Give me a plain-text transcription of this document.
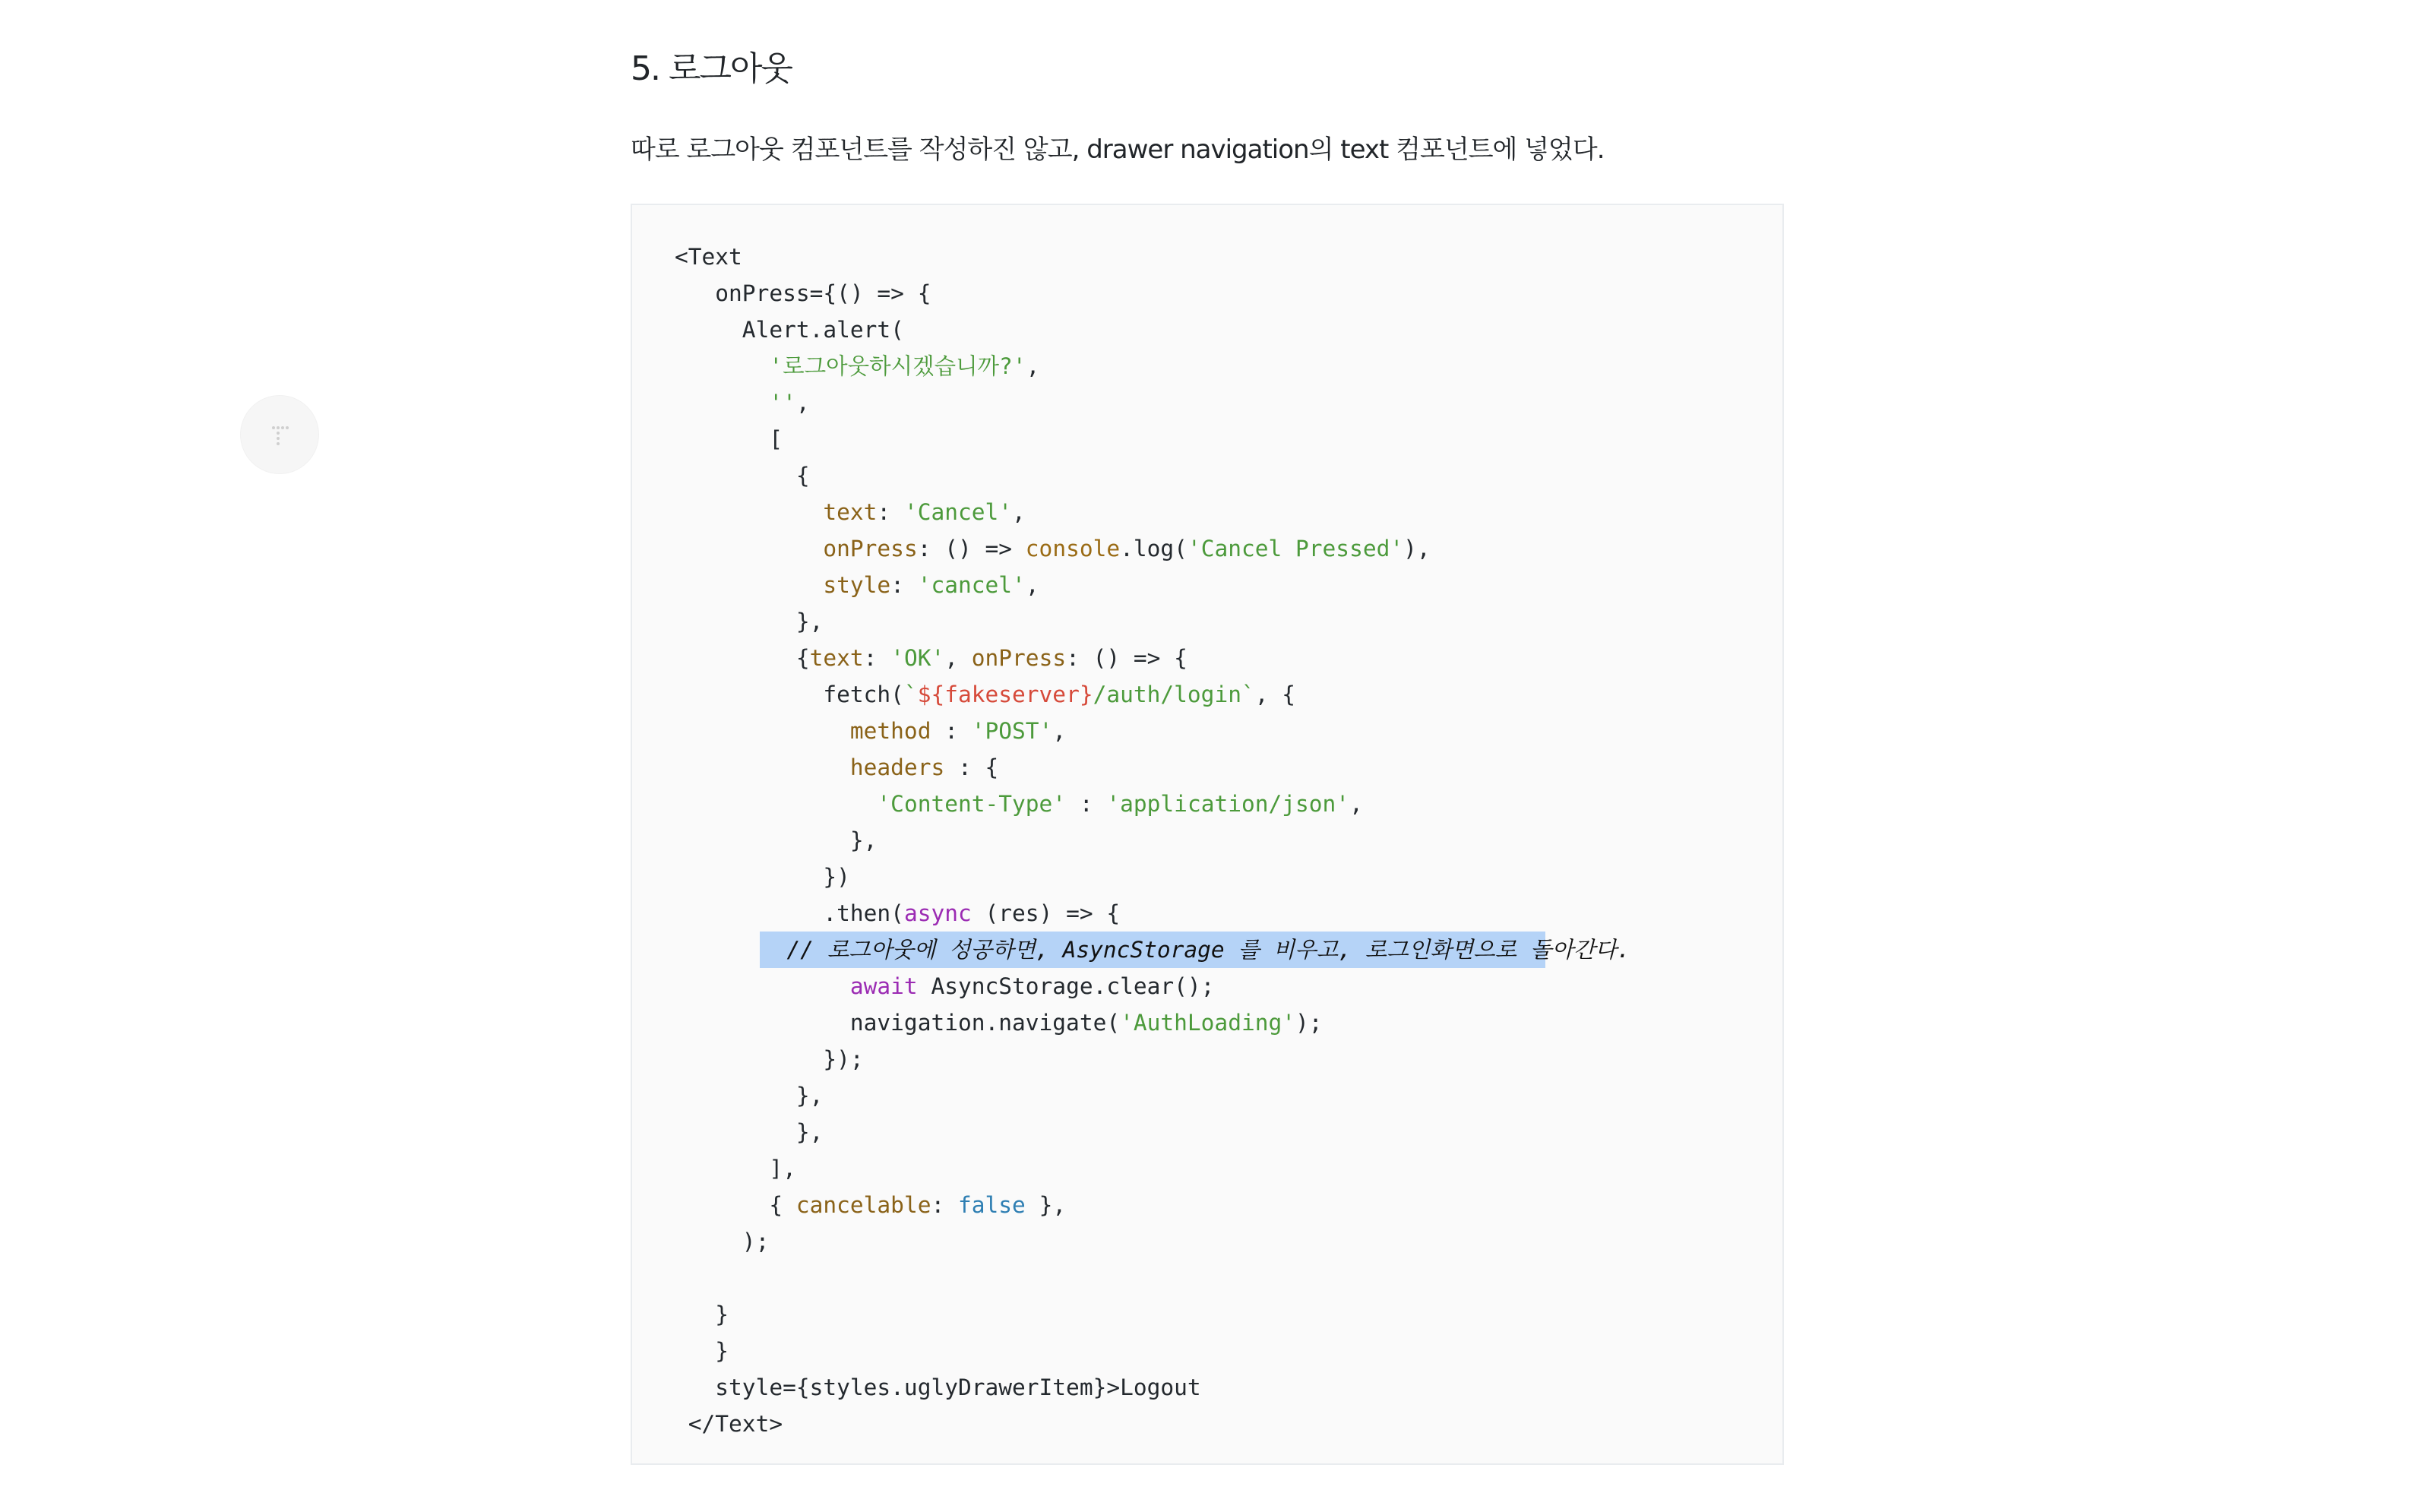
5. 로그아웃

따로 로그아웃 컴포넌트를 작성하진 않고, drawer navigation의 text 컴포넌트에 넣었다.

<Text
onPress={() => {
Alert.alert(
'로그아웃하시겠습니까?',
'',
[
{
text: 'Cancel',
onPress: () => console.log('Cancel Pressed'),
style: 'cancel',
},
{text: 'OK', onPress: () => {
fetch(`${fakeserver}/auth/login`, {
method : 'POST',
headers : {
'Content-Type' : 'application/json',
},
})
.then(async (res) => {
// 로그아웃에 성공하면, AsyncStorage 를 비우고, 로그인화면으로 돌아간다.
await AsyncStorage.clear();
navigation.navigate('AuthLoading');
});
},
},
],
{ cancelable: false },
);
}
}
style={styles.uglyDrawerItem}>Logout
</Text>
